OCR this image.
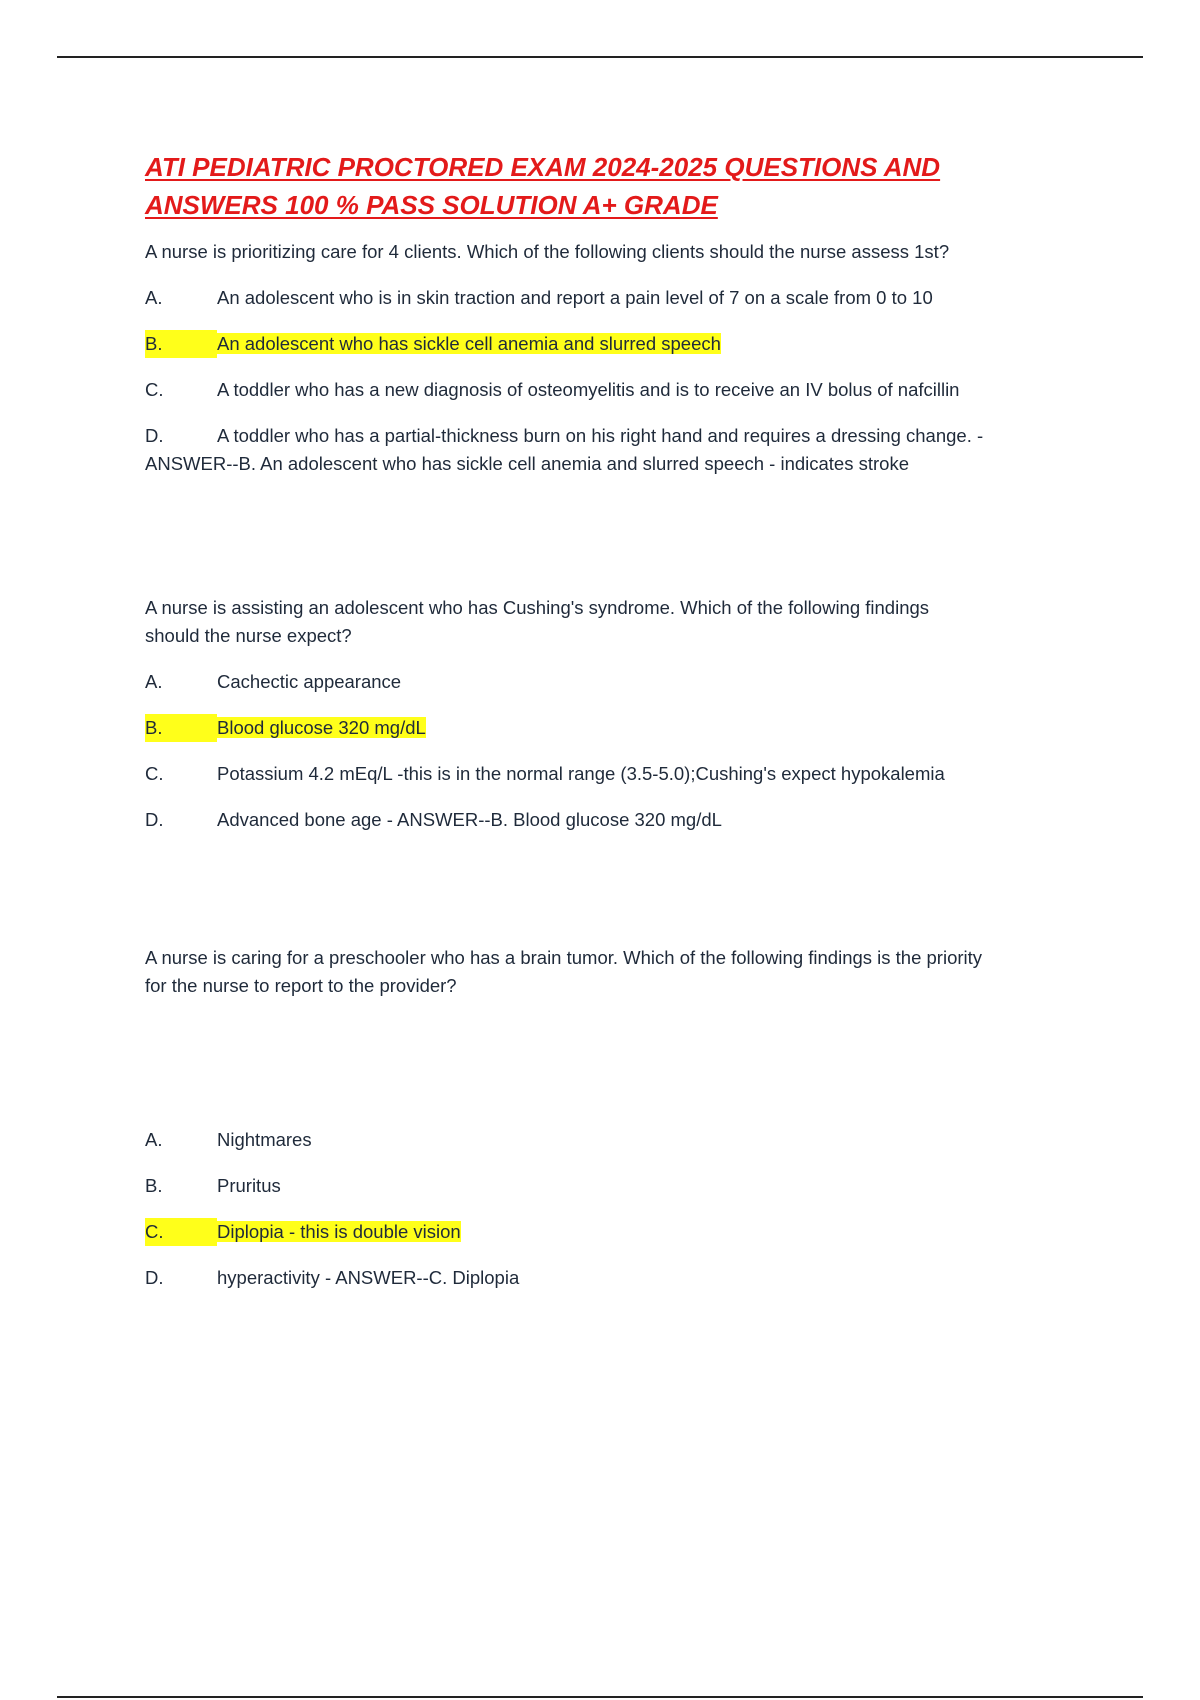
ATI PEDIATRIC PROCTORED EXAM 2024-2025 QUESTIONS AND
ANSWERS 100 % PASS SOLUTION A+ GRADE

A nurse is prioritizing care for 4 clients. Which of the following clients should the nurse assess 1st?

A.	An adolescent who is in skin traction and report a pain level of 7 on a scale from 0 to 10

B.	An adolescent who has sickle cell anemia and slurred speech

C.	A toddler who has a new diagnosis of osteomyelitis and is to receive an IV bolus of nafcillin

D.	A toddler who has a partial-thickness burn on his right hand and requires a dressing change. - ANSWER--B. An adolescent who has sickle cell anemia and slurred speech - indicates stroke

A nurse is assisting an adolescent who has Cushing's syndrome. Which of the following findings should the nurse expect?

A.	Cachectic appearance

B.	Blood glucose 320 mg/dL

C.	Potassium 4.2 mEq/L -this is in the normal range (3.5-5.0);Cushing's expect hypokalemia

D.	Advanced bone age - ANSWER--B. Blood glucose 320 mg/dL

A nurse is caring for a preschooler who has a brain tumor. Which of the following findings is the priority for the nurse to report to the provider?

A.	Nightmares

B.	Pruritus

C.	Diplopia - this is double vision

D.	hyperactivity - ANSWER--C. Diplopia
